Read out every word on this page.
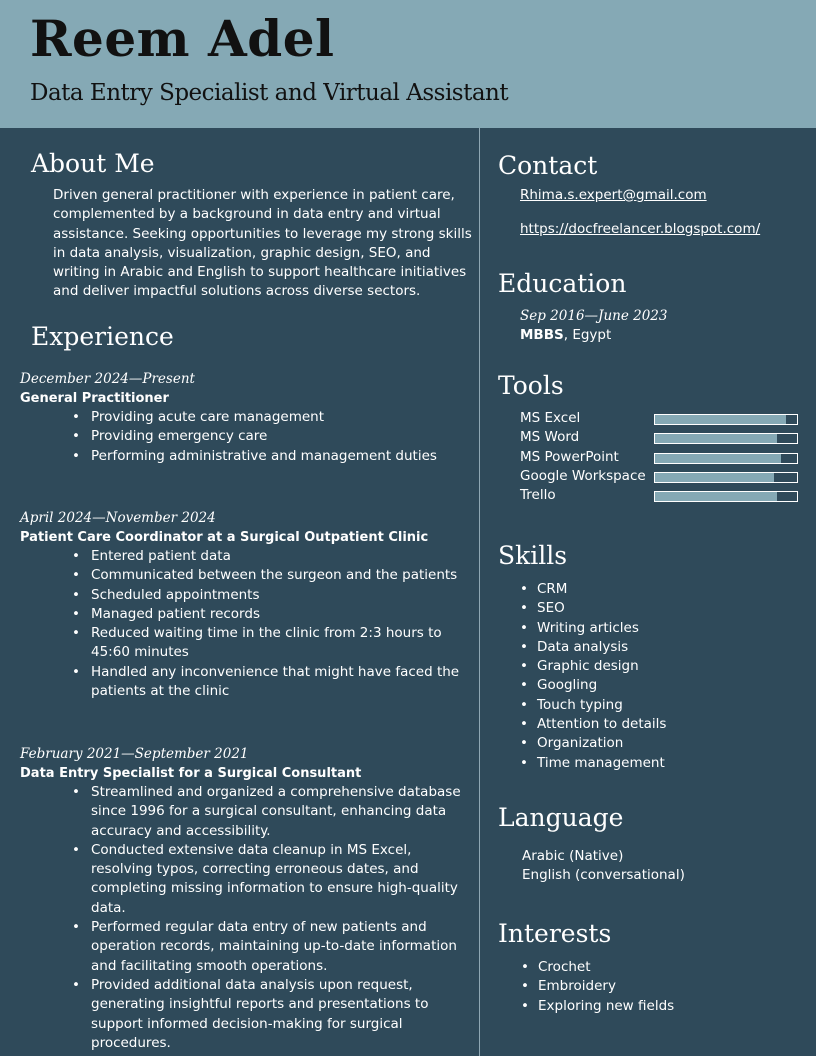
Reem Adel
Data Entry Specialist and Virtual Assistant
About Me
Driven general practitioner with experience in patient care, complemented by a background in data entry and virtual assistance. Seeking opportunities to leverage my strong skills in data analysis, visualization, graphic design, SEO, and writing in Arabic and English to support healthcare initiatives and deliver impactful solutions across diverse sectors.
Experience
December 2024—Present
General Practitioner
• Providing acute care management
• Providing emergency care
• Performing administrative and management duties
April 2024—November 2024
Patient Care Coordinator at a Surgical Outpatient Clinic
• Entered patient data
• Communicated between the surgeon and the patients
• Scheduled appointments
• Managed patient records
• Reduced waiting time in the clinic from 2:3 hours to 45:60 minutes
• Handled any inconvenience that might have faced the patients at the clinic
February 2021—September 2021
Data Entry Specialist for a Surgical Consultant
• Streamlined and organized a comprehensive database since 1996 for a surgical consultant, enhancing data accuracy and accessibility.
• Conducted extensive data cleanup in MS Excel, resolving typos, correcting erroneous dates, and completing missing information to ensure high-quality data.
• Performed regular data entry of new patients and operation records, maintaining up-to-date information and facilitating smooth operations.
• Provided additional data analysis upon request, generating insightful reports and presentations to support informed decision-making for surgical procedures.
Contact
Rhima.s.expert@gmail.com
https://docfreelancer.blogspot.com/
Education
Sep 2016—June 2023
MBBS, Egypt
Tools
MS Excel
MS Word
MS PowerPoint
Google Workspace
Trello
Skills
• CRM
• SEO
• Writing articles
• Data analysis
• Graphic design
• Googling
• Touch typing
• Attention to details
• Organization
• Time management
Language
Arabic (Native)
English (conversational)
Interests
• Crochet
• Embroidery
• Exploring new fields
